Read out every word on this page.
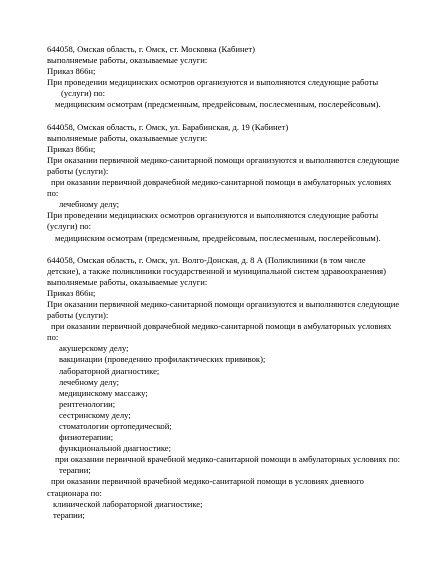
644058, Омская область, г. Омск, ст. Московка (Кабинет)
выполняемые работы, оказываемые услуги:
Приказ 866н;
При проведении медицинских осмотров организуются и выполняются следующие работы
(услуги) по:
медицинским осмотрам (предсменным, предрейсовым, послесменным, послерейсовым).
644058, Омская область, г. Омск, ул. Барабинская, д. 19 (Кабинет)
выполняемые работы, оказываемые услуги:
Приказ 866н;
При оказании первичной медико-санитарной помощи организуются и выполняются следующие
работы (услуги):
при оказании первичной доврачебной медико-санитарной помощи в амбулаторных условиях
по:
лечебному делу;
При проведении медицинских осмотров организуются и выполняются следующие работы
(услуги) по:
медицинским осмотрам (предсменным, предрейсовым, послесменным, послерейсовым).
644058, Омская область, г. Омск, ул. Волго-Донская, д. 8 А (Поликлиники (в том числе
детские), а также поликлиники государственной и муниципальной систем здравоохранения)
выполняемые работы, оказываемые услуги:
Приказ 866н;
При оказании первичной медико-санитарной помощи организуются и выполняются следующие
работы (услуги):
при оказании первичной доврачебной медико-санитарной помощи в амбулаторных условиях
по:
акушерскому делу;
вакцинации (проведению профилактических прививок);
лабораторной диагностике;
лечебному делу;
медицинскому массажу;
рентгенологии;
сестринскому делу;
стоматологии ортопедической;
физиотерапии;
функциональной диагностике;
при оказании первичной врачебной медико-санитарной помощи в амбулаторных условиях по:
терапии;
при оказании первичной врачебной медико-санитарной помощи в условиях дневного
стационара по:
клинической лабораторной диагностике;
терапии;
